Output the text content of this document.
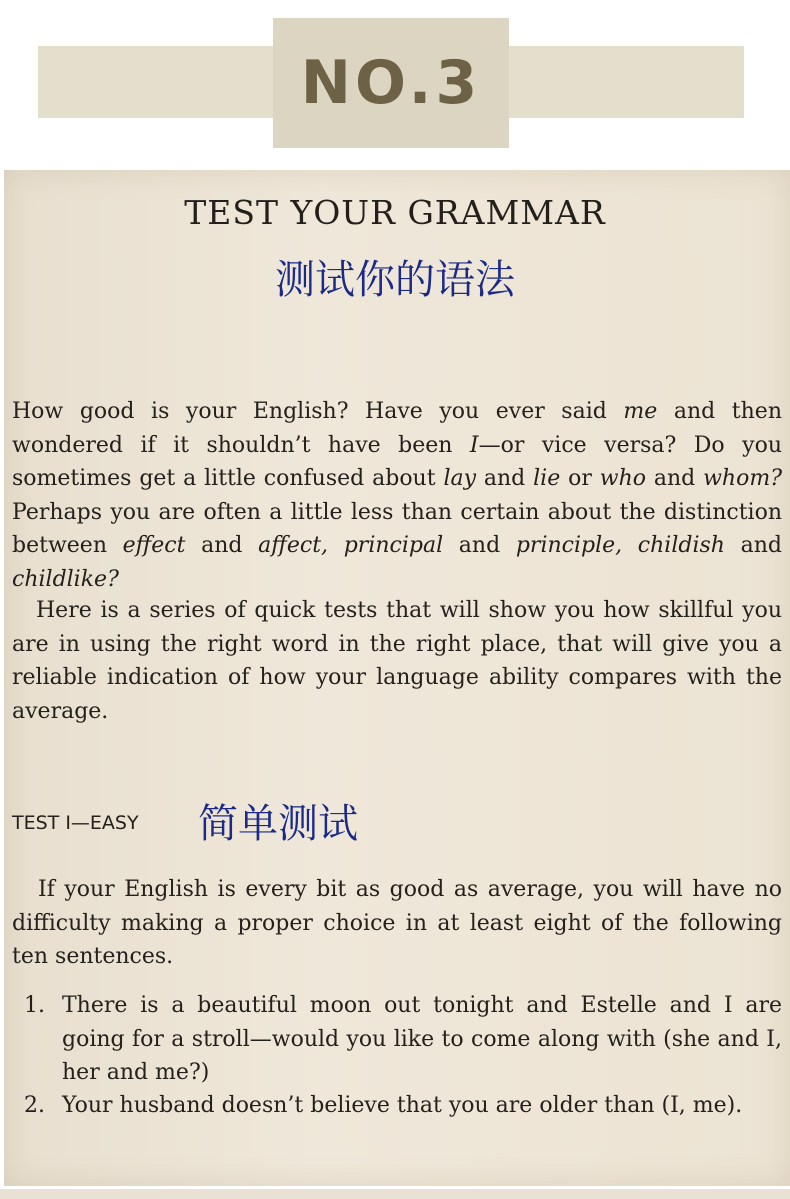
NO.3
TEST YOUR GRAMMAR
测试你的语法

How good is your English? Have you ever said me and then wondered if it shouldn’t have been I—or vice versa? Do you sometimes get a little confused about lay and lie or who and whom? Perhaps you are often a little less than certain about the distinction between effect and affect, principal and principle, childish and childlike?

Here is a series of quick tests that will show you how skillful you are in using the right word in the right place, that will give you a reliable indication of how your language ability compares with the average.

TEST I—EASY 简单测试

If your English is every bit as good as average, you will have no difficulty making a proper choice in at least eight of the following ten sentences.

1. There is a beautiful moon out tonight and Estelle and I are going for a stroll—would you like to come along with (she and I, her and me?)
2. Your husband doesn’t believe that you are older than (I, me).
